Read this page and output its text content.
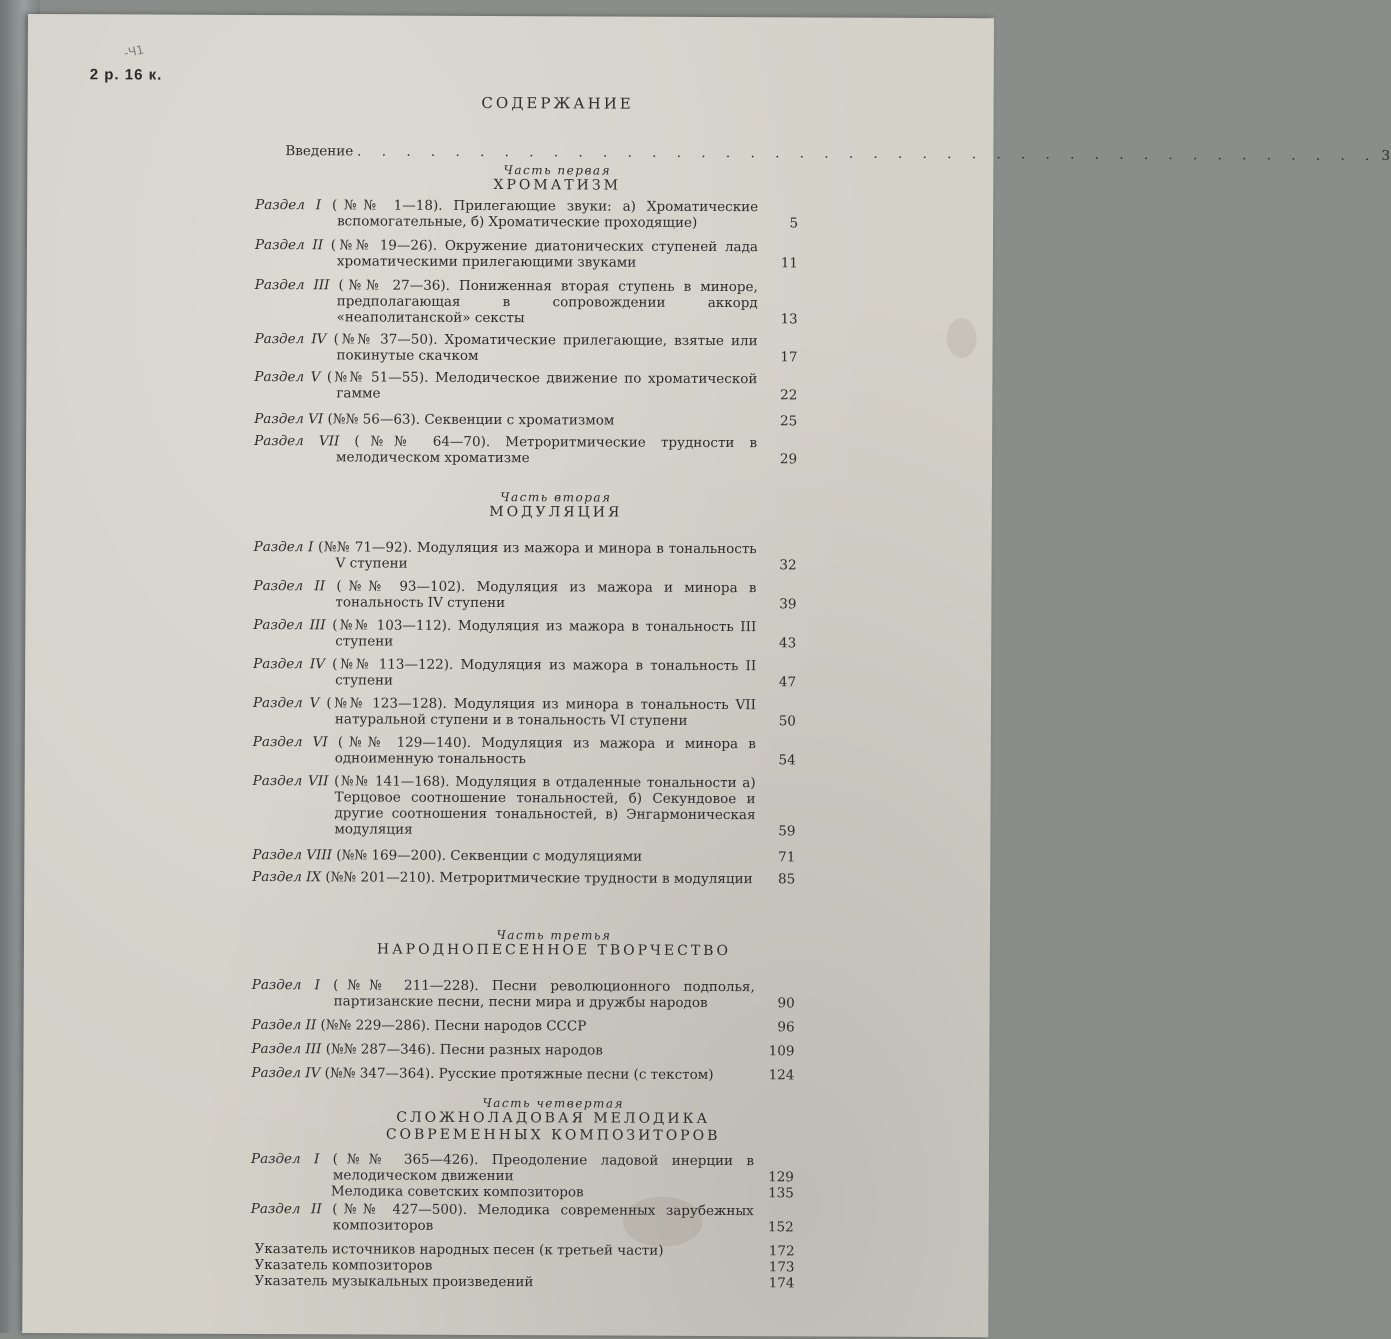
2 р. 16 к.
-Ч1
СОДЕРЖАНИЕ
Введение . . . . . . . . . . . . . . . . . . . . . . . . . . . . . . . . . . . . . . . . . . 3
Часть первая
ХРОМАТИЗМ
Раздел I (№№ 1—18). Прилегающие звуки: а) Хроматические вспомогательные, б) Хроматические проходящие)	5
Раздел II (№№ 19—26). Окружение диатонических ступеней лада хроматическими прилегающими звуками	11
Раздел III (№№ 27—36). Пониженная вторая ступень в миноре, предполагающая в сопровождении аккорд «неаполитанской» сексты	13
Раздел IV (№№ 37—50). Хроматические прилегающие, взятые или покинутые скачком	17
Раздел V (№№ 51—55). Мелодическое движение по хроматической гамме	22
Раздел VI (№№ 56—63). Секвенции с хроматизмом	25
Раздел VII (№№ 64—70). Метроритмические трудности в мелодическом хроматизме	29
Часть вторая
МОДУЛЯЦИЯ
Раздел I (№№ 71—92). Модуляция из мажора и минора в тональность V ступени	32
Раздел II (№№ 93—102). Модуляция из мажора и минора в тональность IV ступени	39
Раздел III (№№ 103—112). Модуляция из мажора в тональность III ступени	43
Раздел IV (№№ 113—122). Модуляция из мажора в тональность II ступени	47
Раздел V (№№ 123—128). Модуляция из минора в тональность VII натуральной ступени и в тональность VI ступени	50
Раздел VI (№№ 129—140). Модуляция из мажора и минора в одноименную тональность	54
Раздел VII (№№ 141—168). Модуляция в отдаленные тональности а) Терцовое соотношение тональностей, б) Секундовое и другие соотношения тональностей, в) Энгармоническая модуляция	59
Раздел VIII (№№ 169—200). Секвенции с модуляциями	71
Раздел IX (№№ 201—210). Метроритмические трудности в модуляции	85
Часть третья
НАРОДНОПЕСЕННОЕ ТВОРЧЕСТВО
Раздел I (№№ 211—228). Песни революционного подполья, партизанские песни, песни мира и дружбы народов	90
Раздел II (№№ 229—286). Песни народов СССР	96
Раздел III (№№ 287—346). Песни разных народов	109
Раздел IV (№№ 347—364). Русские протяжные песни (с текстом)	124
Часть четвертая
СЛОЖНОЛАДОВАЯ МЕЛОДИКА
СОВРЕМЕННЫХ КОМПОЗИТОРОВ
Раздел I (№№ 365—426). Преодоление ладовой инерции в мелодическом движении	129
Мелодика советских композиторов	135
Раздел II (№№ 427—500). Мелодика современных зарубежных композиторов	152
Указатель источников народных песен (к третьей части)	172
Указатель композиторов	173
Указатель музыкальных произведений	174
